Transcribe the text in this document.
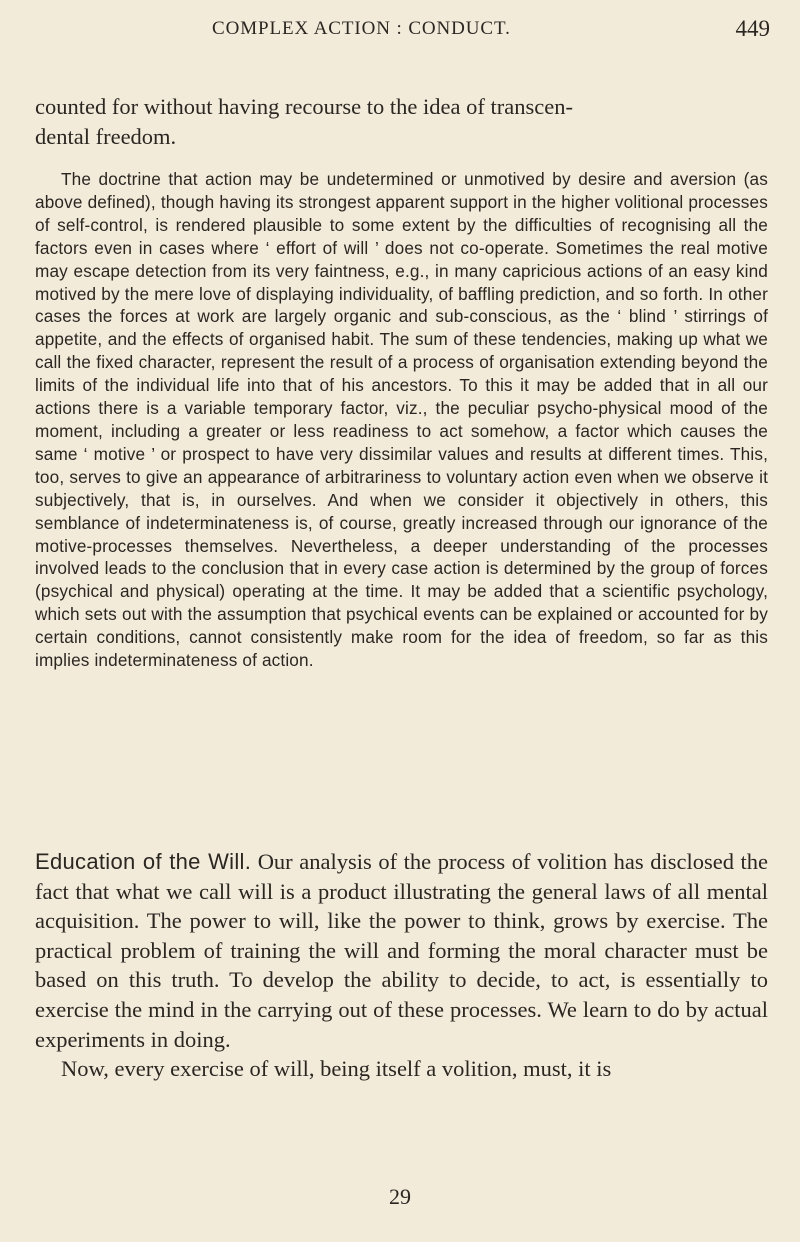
COMPLEX ACTION : CONDUCT.	449

counted for without having recourse to the idea of transcen-
dental freedom.

The doctrine that action may be undetermined or unmotived by desire and aversion (as above defined), though having its strongest apparent support in the higher volitional processes of self-control, is rendered plausible to some extent by the difficulties of recognising all the factors even in cases where ‘ effort of will ’ does not co-operate. Sometimes the real motive may escape detection from its very faintness, e.g., in many capricious actions of an easy kind motived by the mere love of displaying individuality, of baffling prediction, and so forth. In other cases the forces at work are largely organic and sub-conscious, as the ‘ blind ’ stirrings of appetite, and the effects of organised habit. The sum of these tendencies, making up what we call the fixed character, represent the result of a process of organisation extending beyond the limits of the individual life into that of his ancestors. To this it may be added that in all our actions there is a variable temporary factor, viz., the peculiar psycho-physical mood of the moment, including a greater or less readiness to act somehow, a factor which causes the same ‘ motive ’ or prospect to have very dissimilar values and results at different times. This, too, serves to give an appearance of arbitrariness to voluntary action even when we observe it subjectively, that is, in ourselves. And when we consider it objectively in others, this semblance of indeterminateness is, of course, greatly increased through our ignorance of the motive-processes themselves. Nevertheless, a deeper understanding of the processes involved leads to the conclusion that in every case action is determined by the group of forces (psychical and physical) operating at the time. It may be added that a scientific psychology, which sets out with the assumption that psychical events can be explained or accounted for by certain conditions, cannot consistently make room for the idea of freedom, so far as this implies indeterminateness of action.

Education of the Will. Our analysis of the process of volition has disclosed the fact that what we call will is a product illustrating the general laws of all mental acquisition. The power to will, like the power to think, grows by exercise. The practical problem of training the will and forming the moral character must be based on this truth. To develop the ability to decide, to act, is essentially to exercise the mind in the carrying out of these processes. We learn to do by actual experiments in doing.

Now, every exercise of will, being itself a volition, must, it is

29
